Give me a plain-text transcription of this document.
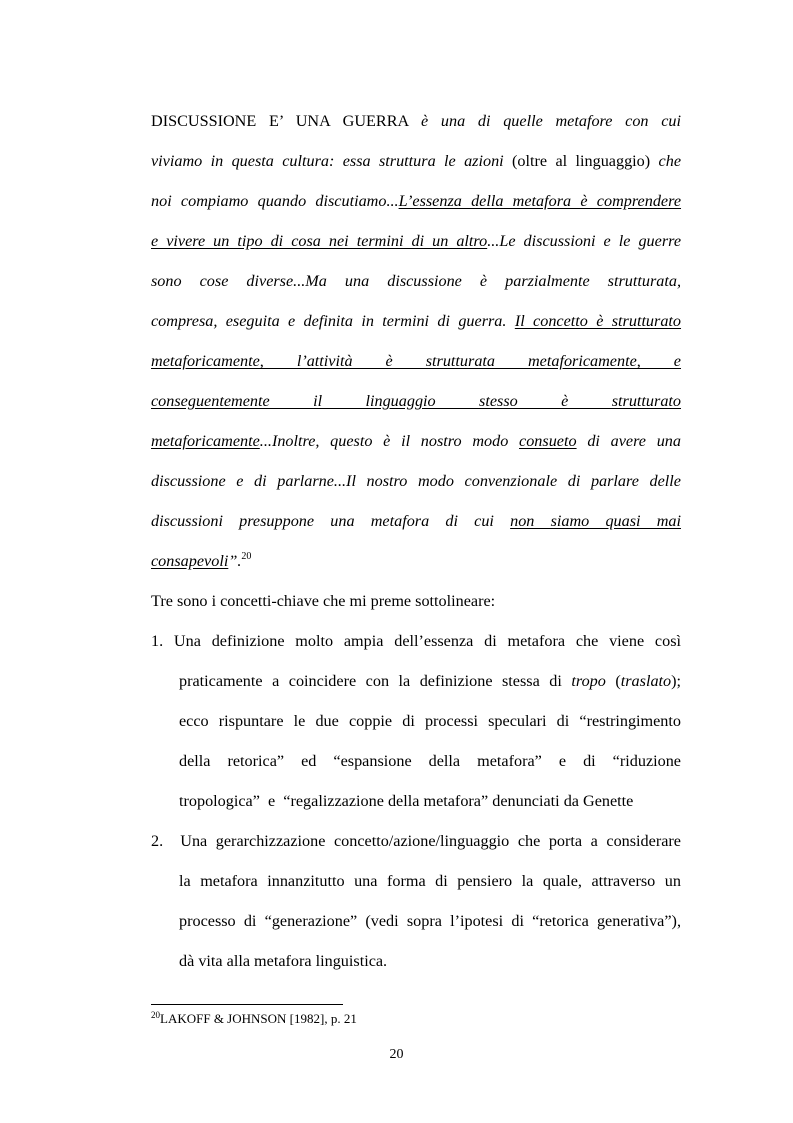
DISCUSSIONE E’ UNA GUERRA è una di quelle metafore con cui
viviamo in questa cultura: essa struttura le azioni (oltre al linguaggio) che
noi compiamo quando discutiamo...L’essenza della metafora è comprendere
e vivere un tipo di cosa nei termini di un altro...Le discussioni e le guerre
sono cose diverse...Ma una discussione è parzialmente strutturata,
compresa, eseguita e definita in termini di guerra. Il concetto è strutturato
metaforicamente, l’attività è strutturata metaforicamente, e
conseguentemente il linguaggio stesso è strutturato
metaforicamente...Inoltre, questo è il nostro modo consueto di avere una
discussione e di parlarne...Il nostro modo convenzionale di parlare delle
discussioni presuppone una metafora di cui non siamo quasi mai
consapevoli”.$^{20}$
Tre sono i concetti-chiave che mi preme sottolineare:
1. Una definizione molto ampia dell’essenza di metafora che viene così
praticamente a coincidere con la definizione stessa di tropo (traslato);
ecco rispuntare le due coppie di processi speculari di “restringimento
della retorica” ed “espansione della metafora” e di “riduzione
tropologica”  e  “regalizzazione della metafora” denunciati da Genette
2.  Una gerarchizzazione concetto/azione/linguaggio che porta a considerare
la metafora innanzitutto una forma di pensiero la quale, attraverso un
processo di “generazione” (vedi sopra l’ipotesi di “retorica generativa”),
dà vita alla metafora linguistica.
$^{20}$LAKOFF & JOHNSON [1982], p. 21
20
